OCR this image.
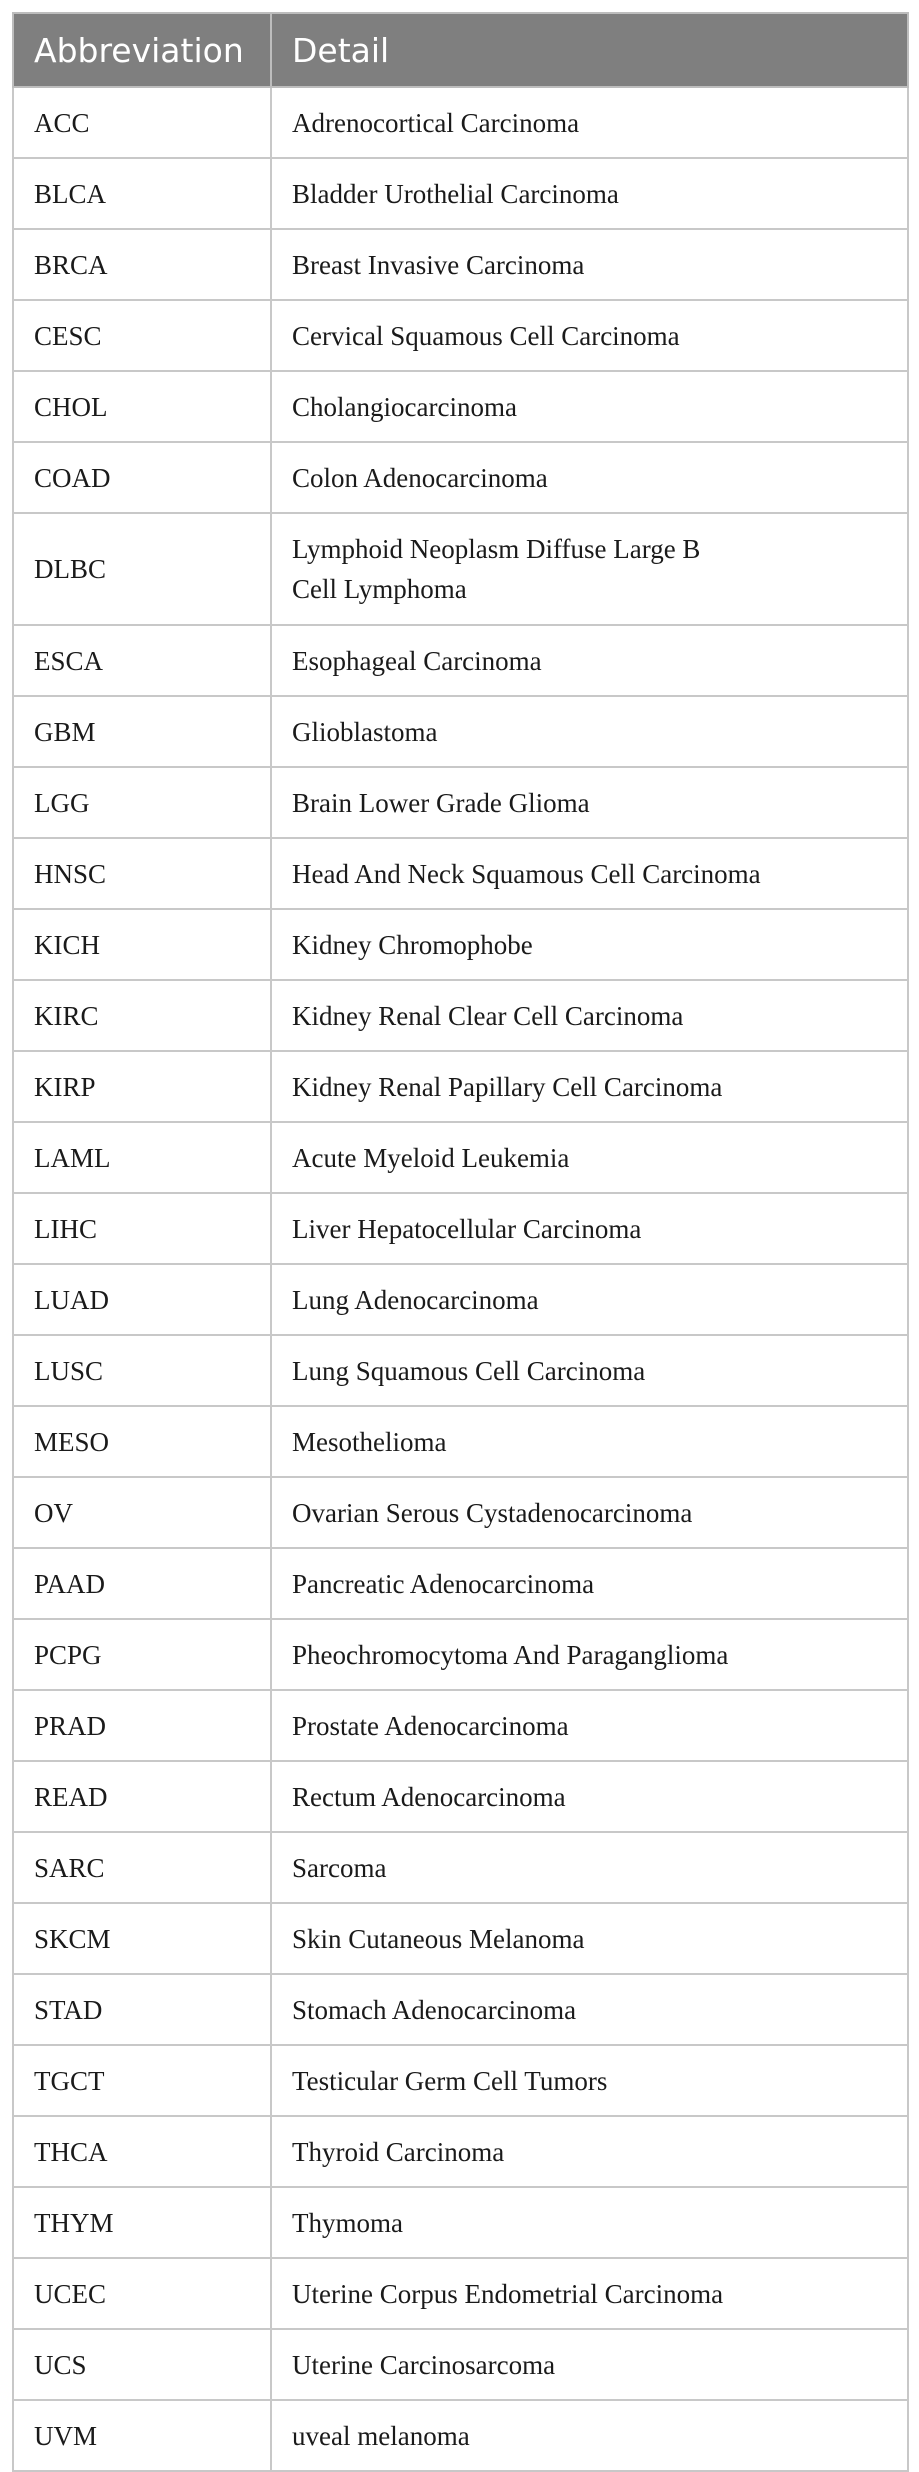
Abbreviation	Detail
ACC	Adrenocortical Carcinoma
BLCA	Bladder Urothelial Carcinoma
BRCA	Breast Invasive Carcinoma
CESC	Cervical Squamous Cell Carcinoma
CHOL	Cholangiocarcinoma
COAD	Colon Adenocarcinoma
DLBC	Lymphoid Neoplasm Diffuse Large B
Cell Lymphoma

ESCA	Esophageal Carcinoma
GBM	Glioblastoma
LGG	Brain Lower Grade Glioma
HNSC	Head And Neck Squamous Cell Carcinoma
KICH	Kidney Chromophobe
KIRC	Kidney Renal Clear Cell Carcinoma
KIRP	Kidney Renal Papillary Cell Carcinoma
LAML	Acute Myeloid Leukemia
LIHC	Liver Hepatocellular Carcinoma
LUAD	Lung Adenocarcinoma
LUSC	Lung Squamous Cell Carcinoma
MESO	Mesothelioma
OV	Ovarian Serous Cystadenocarcinoma
PAAD	Pancreatic Adenocarcinoma
PCPG	Pheochromocytoma And Paraganglioma
PRAD	Prostate Adenocarcinoma
READ	Rectum Adenocarcinoma
SARC	Sarcoma
SKCM	Skin Cutaneous Melanoma
STAD	Stomach Adenocarcinoma
TGCT	Testicular Germ Cell Tumors
THCA	Thyroid Carcinoma
THYM	Thymoma
UCEC	Uterine Corpus Endometrial Carcinoma
UCS	Uterine Carcinosarcoma
UVM	uveal melanoma
